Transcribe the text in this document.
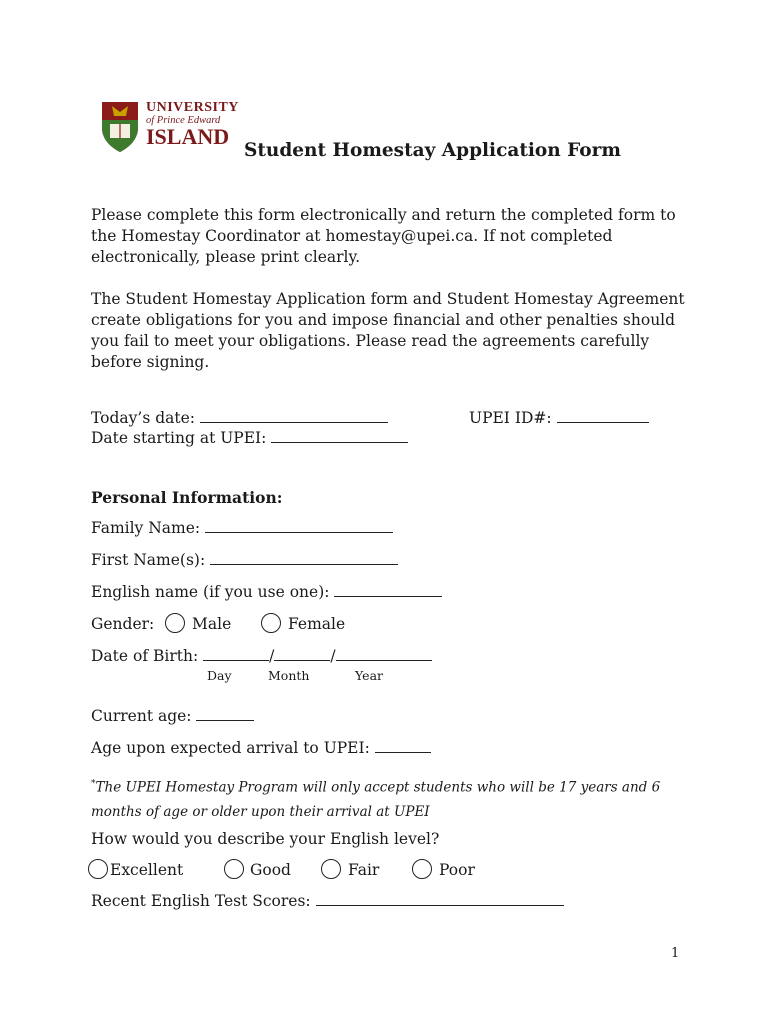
UNIVERSITY
of Prince Edward
ISLAND
Student Homestay Application Form
Please complete this form electronically and return the completed form to the Homestay Coordinator at homestay@upei.ca. If not completed electronically, please print clearly.
The Student Homestay Application form and Student Homestay Agreement create obligations for you and impose financial and other penalties should you fail to meet your obligations. Please read the agreements carefully before signing.
Today’s date:	UPEI ID#:
Date starting at UPEI:
Personal Information:
Family Name:
First Name(s):
English name (if you use one):
Gender: Male	Female
Date of Birth:	/	/
Day	Month	Year
Current age:
Age upon expected arrival to UPEI:
*The UPEI Homestay Program will only accept students who will be 17 years and 6 months of age or older upon their arrival at UPEI
How would you describe your English level?
Excellent	Good	Fair	Poor
Recent English Test Scores:
1
